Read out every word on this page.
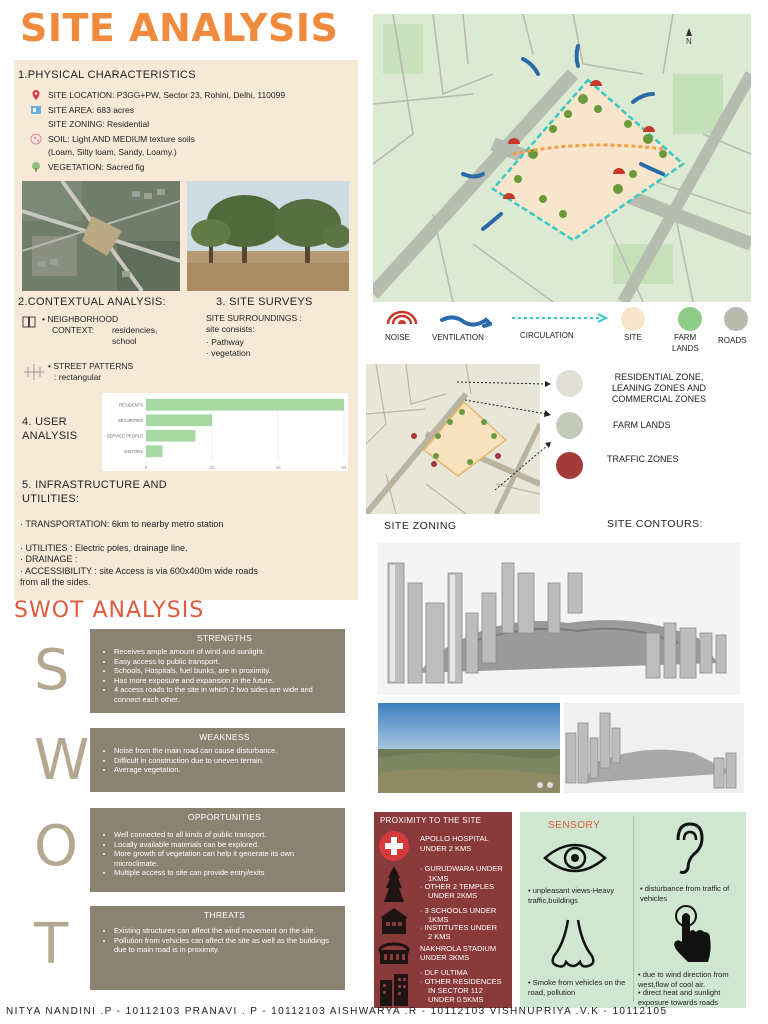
SITE ANALYSIS
1.PHYSICAL CHARACTERISTICS
SITE LOCATION: P3GG+PW, Sector 23, Rohini, Delhi, 110099
SITE AREA: 683 acres
SITE ZONING: Residential
SOIL: Light AND MEDIUM texture soils
(Loam, Silty loam, Sandy, Loamy.)
VEGETATION: Sacred fig
2.CONTEXTUAL ANALYSIS:
• NEIGHBORHOOD
CONTEXT: residencies,
school
• STREET PATTERNS
: rectangular
3. SITE SURVEYS
SITE SURROUNDINGS :
site consists:
· Pathway
· vegetation
4. USER
ANALYSIS
0	20	40	60
RESIDENTS
SECURITIES
SERVICE PEOPLE
VISITORS
5. INFRASTRUCTURE AND
UTILITIES:
· TRANSPORTATION: 6km to nearby metro station
· UTILITIES : Electric poles, drainage line.
· DRAINAGE :
· ACCESSIBILITY : site Access is via 600x400m wide roads
from all the sides.
SWOT ANALYSIS
S
W
O
T
STRENGTHS
• Receives ample amount of wind and sunlight.
• Easy access to public transport.
• Schools, Hospitals, fuel bunks, are in proximity.
• Has more exposure and expansion in the future.
• 4 access roads to the site in which 2 two sides are wide and connect each other.
WEAKNESS
• Noise from the main road can cause disturbance.
• Difficult in construction due to uneven terrain.
• Average vegetation.
OPPORTUNITIES
• Well connected to all kinds of public transport.
• Locally available materials can be explored.
• More growth of vegetation can help it generate its own microclimate.
• Multiple access to site can provide entry/exits
THREATS
• Existing structures can affect the wind movement on the site.
• Pollution from vehicles can affect the site as well as the buildings due to main road is in proximity.
N
NOISE	VENTILATION	CIRCULATION	SITE	FARM
LANDS
ROADS
RESIDENTIAL ZONE,
LEANING ZONES AND
COMMERCIAL ZONES
FARM LANDS
TRAFFIC ZONES
SITE ZONING	SITE CONTOURS:
PROXIMITY TO THE SITE
APOLLO HOSPITAL
UNDER 2 KMS
· GURUDWARA UNDER
1KMS
· OTHER 2 TEMPLES
UNDER 2KMS
· 3 SCHOOLS UNDER
1KMS
· INSTITUTES UNDER
2 KMS
NAKHROLA STADIUM
UNDER 3KMS
· DLF ULTIMA
· OTHER RESIDENCES
IN SECTOR 112
UNDER 0.5KMS
SENSORY
• unpleasant views-Heavy traffic,buildings
• disturbance from traffic of vehicles
• Smoke from vehicles on the road, pollution
• due to wind direction from west,flow of cool air.
• direct heat and sunlight exposure towards roads
NITYA NANDINI .P - 10112103 PRANAVI . P - 10112103 AISHWARYA .R - 10112103 VISHNUPRIYA .V.K - 10112105
